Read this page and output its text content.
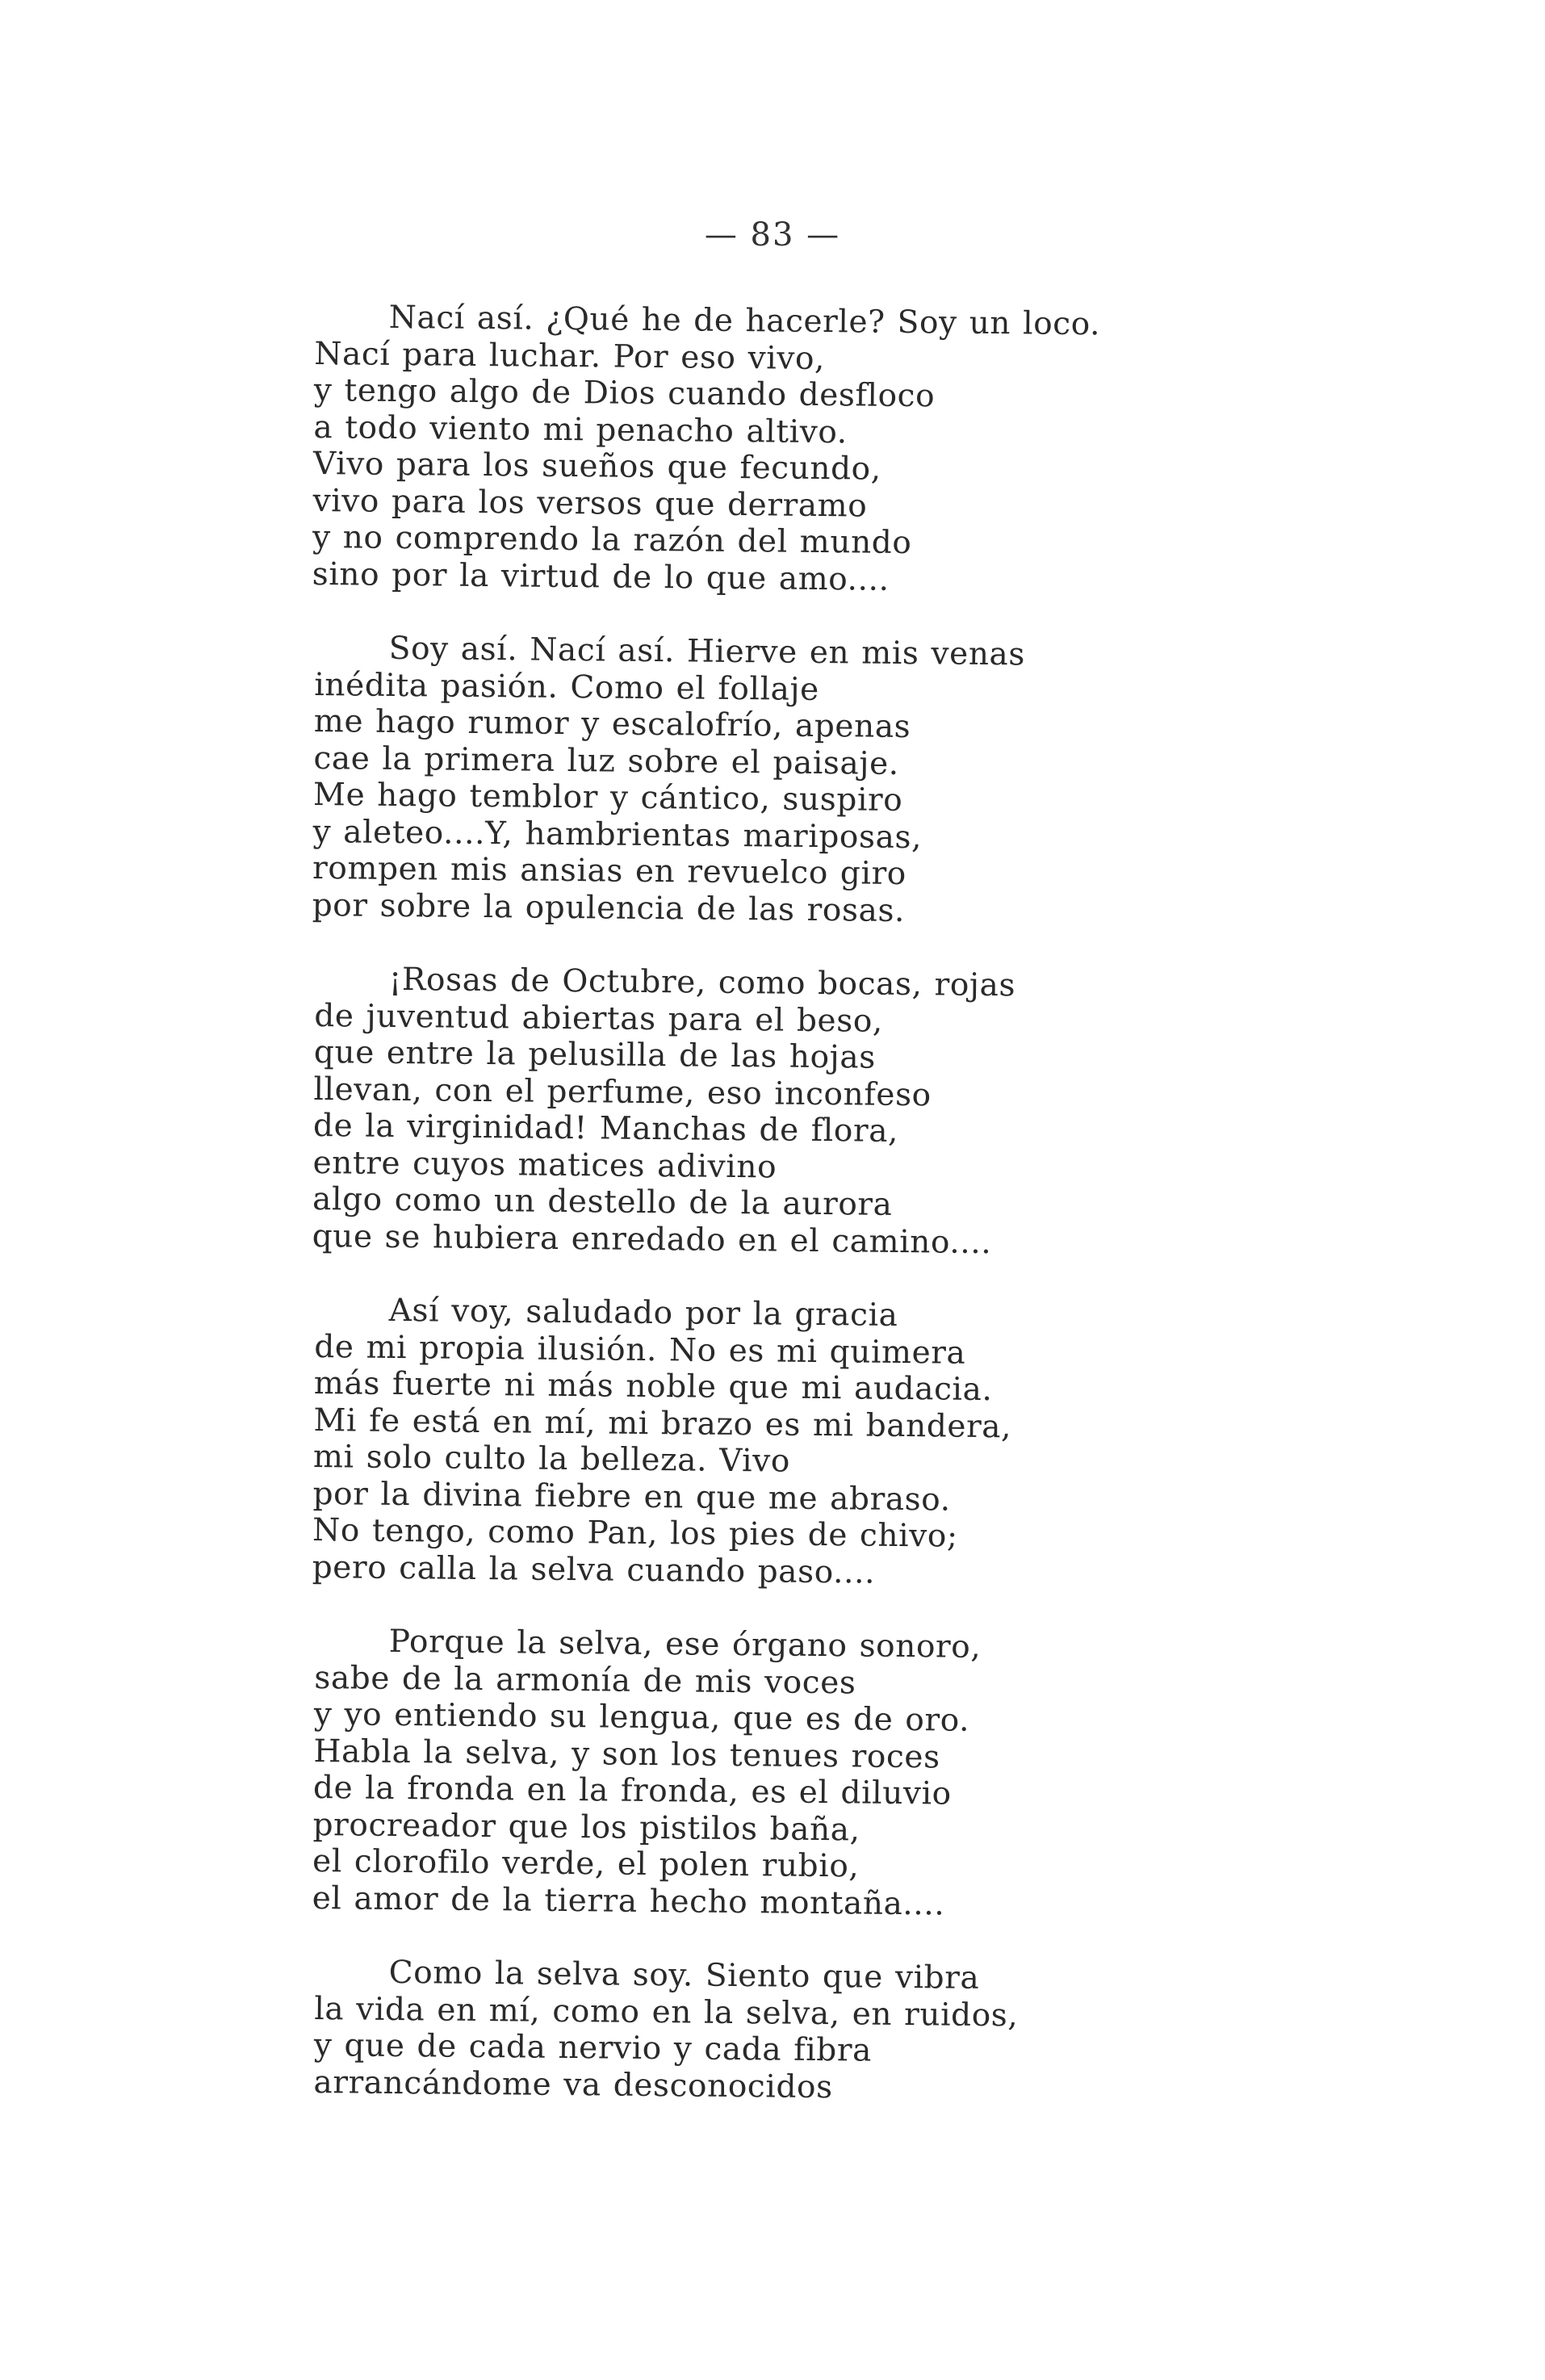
— 83 —
Nací así. ¿Qué he de hacerle? Soy un loco.
Nací para luchar. Por eso vivo,
y tengo algo de Dios cuando desfloco
a todo viento mi penacho altivo.
Vivo para los sueños que fecundo,
vivo para los versos que derramo
y no comprendo la razón del mundo
sino por la virtud de lo que amo....
Soy así. Nací así. Hierve en mis venas
inédita pasión. Como el follaje
me hago rumor y escalofrío, apenas
cae la primera luz sobre el paisaje.
Me hago temblor y cántico, suspiro
y aleteo....Y, hambrientas mariposas,
rompen mis ansias en revuelco giro
por sobre la opulencia de las rosas.
¡Rosas de Octubre, como bocas, rojas
de juventud abiertas para el beso,
que entre la pelusilla de las hojas
llevan, con el perfume, eso inconfeso
de la virginidad! Manchas de flora,
entre cuyos matices adivino
algo como un destello de la aurora
que se hubiera enredado en el camino....
Así voy, saludado por la gracia
de mi propia ilusión. No es mi quimera
más fuerte ni más noble que mi audacia.
Mi fe está en mí, mi brazo es mi bandera,
mi solo culto la belleza. Vivo
por la divina fiebre en que me abraso.
No tengo, como Pan, los pies de chivo;
pero calla la selva cuando paso....
Porque la selva, ese órgano sonoro,
sabe de la armonía de mis voces
y yo entiendo su lengua, que es de oro.
Habla la selva, y son los tenues roces
de la fronda en la fronda, es el diluvio
procreador que los pistilos baña,
el clorofilo verde, el polen rubio,
el amor de la tierra hecho montaña....
Como la selva soy. Siento que vibra
la vida en mí, como en la selva, en ruidos,
y que de cada nervio y cada fibra
arrancándome va desconocidos
